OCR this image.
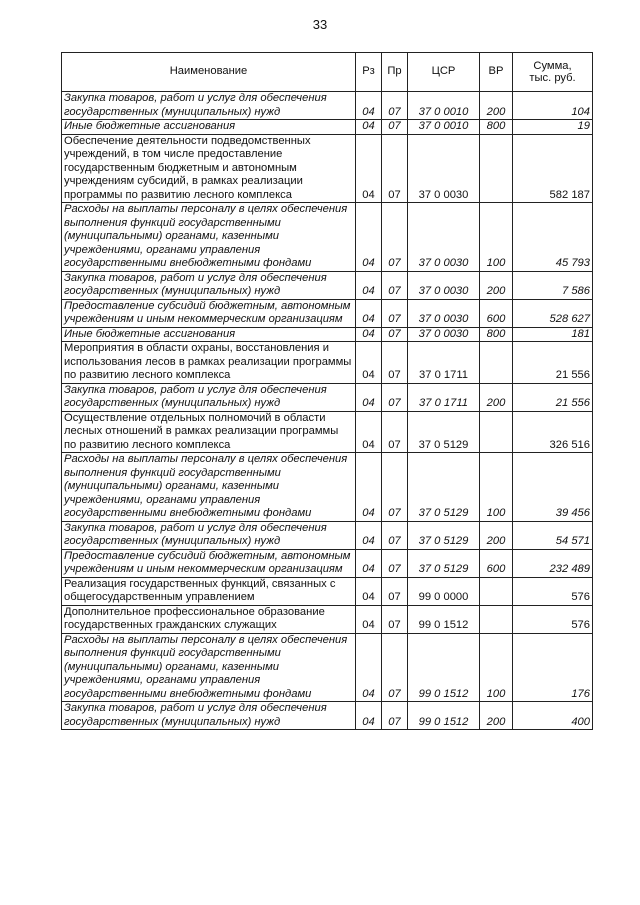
33
Наименование	Рз	Пр	ЦСР	ВР	Сумма,
тыс. руб.
Закупка товаров, работ и услуг для обеспечения государственных (муниципальных) нужд	04	07	37 0 0010	200	104
Иные бюджетные ассигнования	04	07	37 0 0010	800	19
Обеспечение деятельности подведомственных учреждений, в том числе предоставление государственным бюджетным и автономным учреждениям субсидий, в рамках реализации программы по развитию лесного комплекса	04	07	37 0 0030		582 187
Расходы на выплаты персоналу в целях обеспечения выполнения функций государственными (муниципальными) органами, казенными учреждениями, органами управления государственными внебюджетными фондами	04	07	37 0 0030	100	45 793
Закупка товаров, работ и услуг для обеспечения государственных (муниципальных) нужд	04	07	37 0 0030	200	7 586
Предоставление субсидий бюджетным, автономным учреждениям и иным некоммерческим организациям	04	07	37 0 0030	600	528 627
Иные бюджетные ассигнования	04	07	37 0 0030	800	181
Мероприятия в области охраны, восстановления и использования лесов в рамках реализации программы по развитию лесного комплекса	04	07	37 0 1711		21 556
Закупка товаров, работ и услуг для обеспечения государственных (муниципальных) нужд	04	07	37 0 1711	200	21 556
Осуществление отдельных полномочий в области лесных отношений в рамках реализации программы по развитию лесного комплекса	04	07	37 0 5129		326 516
Расходы на выплаты персоналу в целях обеспечения выполнения функций государственными (муниципальными) органами, казенными учреждениями, органами управления государственными внебюджетными фондами	04	07	37 0 5129	100	39 456
Закупка товаров, работ и услуг для обеспечения государственных (муниципальных) нужд	04	07	37 0 5129	200	54 571
Предоставление субсидий бюджетным, автономным учреждениям и иным некоммерческим организациям	04	07	37 0 5129	600	232 489
Реализация государственных функций, связанных с общегосударственным управлением	04	07	99 0 0000		576
Дополнительное профессиональное образование государственных гражданских служащих	04	07	99 0 1512		576
Расходы на выплаты персоналу в целях обеспечения выполнения функций государственными (муниципальными) органами, казенными учреждениями, органами управления государственными внебюджетными фондами	04	07	99 0 1512	100	176
Закупка товаров, работ и услуг для обеспечения государственных (муниципальных) нужд	04	07	99 0 1512	200	400
